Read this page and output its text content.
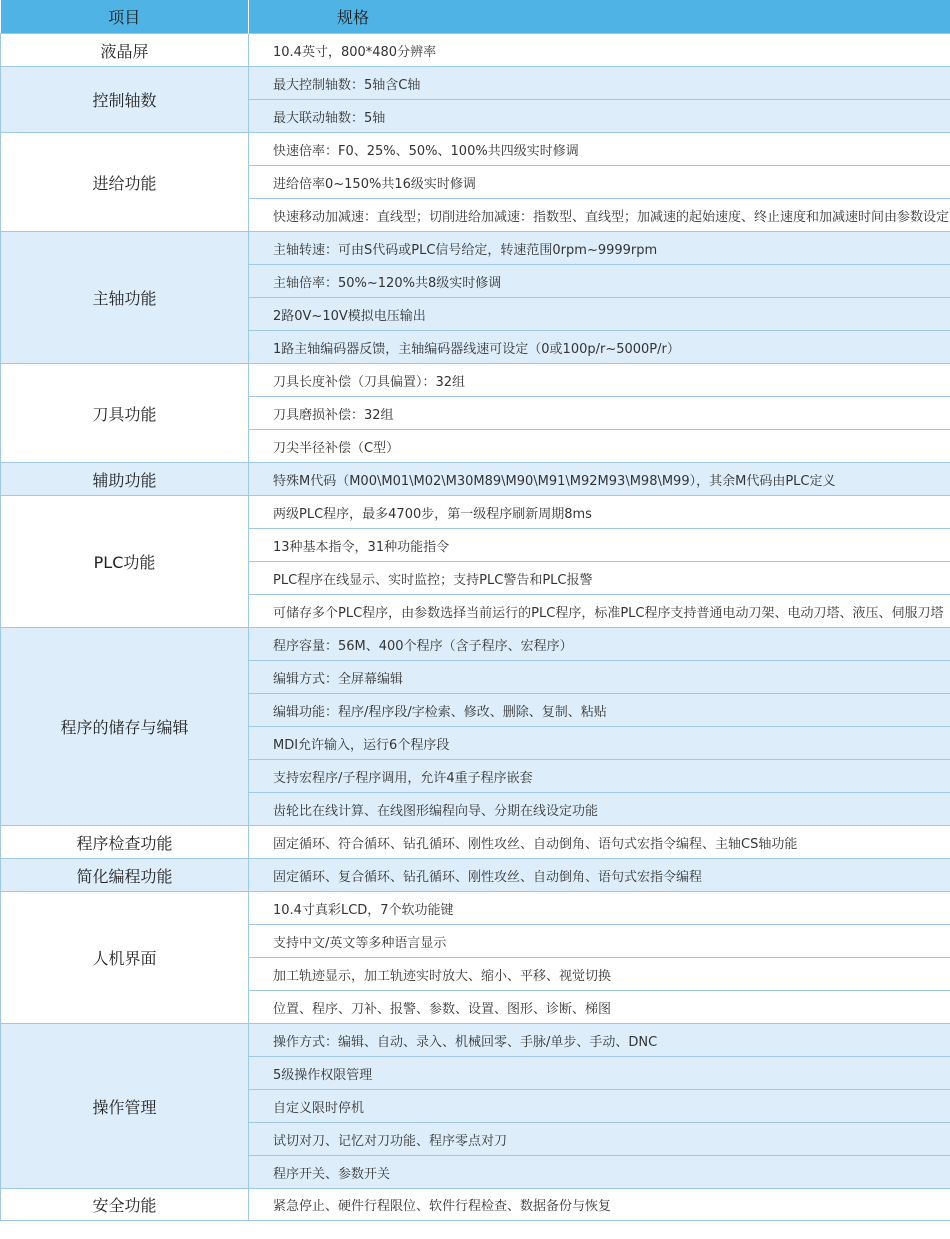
项目	规格
液晶屏	10.4英寸，800*480分辨率
控制轴数	最大控制轴数：5轴含C轴
	最大联动轴数：5轴
进给功能	快速倍率：F0、25%、50%、100%共四级实时修调
	进给倍率0~150%共16级实时修调
	快速移动加减速：直线型；切削进给加减速：指数型、直线型；加减速的起始速度、终止速度和加减速时间由参数设定
主轴功能	主轴转速：可由S代码或PLC信号给定，转速范围0rpm~9999rpm
	主轴倍率：50%~120%共8级实时修调
	2路0V~10V模拟电压输出
	1路主轴编码器反馈，主轴编码器线速可设定（0或100p/r~5000P/r）
刀具功能	刀具长度补偿（刀具偏置）：32组
	刀具磨损补偿：32组
	刀尖半径补偿（C型）
辅助功能	特殊M代码（M00\M01\M02\M30M89\M90\M91\M92M93\M98\M99），其余M代码由PLC定义
PLC功能	两级PLC程序，最多4700步，第一级程序刷新周期8ms
	13种基本指令，31种功能指令
	PLC程序在线显示、实时监控；支持PLC警告和PLC报警
	可储存多个PLC程序，由参数选择当前运行的PLC程序，标准PLC程序支持普通电动刀架、电动刀塔、液压、伺服刀塔
程序的储存与编辑	程序容量：56M、400个程序（含子程序、宏程序）
	编辑方式：全屏幕编辑
	编辑功能：程序/程序段/字检索、修改、删除、复制、粘贴
	MDI允许输入，运行6个程序段
	支持宏程序/子程序调用，允许4重子程序嵌套
	齿轮比在线计算、在线图形编程向导、分期在线设定功能
程序检查功能	固定循环、符合循环、钻孔循环、刚性攻丝、自动倒角、语句式宏指令编程、主轴CS轴功能
简化编程功能	固定循环、复合循环、钻孔循环、刚性攻丝、自动倒角、语句式宏指令编程
人机界面	10.4寸真彩LCD，7个软功能键
	支持中文/英文等多种语言显示
	加工轨迹显示，加工轨迹实时放大、缩小、平移、视觉切换
	位置、程序、刀补、报警、参数、设置、图形、诊断、梯图
操作管理	操作方式：编辑、自动、录入、机械回零、手脉/单步、手动、DNC
	5级操作权限管理
	自定义限时停机
	试切对刀、记忆对刀功能、程序零点对刀
	程序开关、参数开关
安全功能	紧急停止、硬件行程限位、软件行程检查、数据备份与恢复
